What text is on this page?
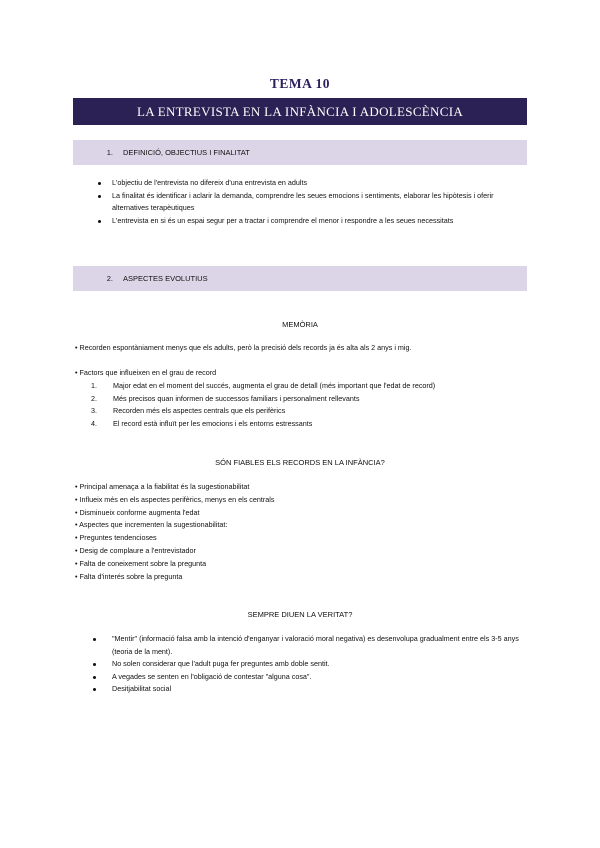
TEMA 10
LA ENTREVISTA EN LA INFÀNCIA I ADOLESCÈNCIA
1.	DEFINICIÓ, OBJECTIUS I FINALITAT
L'objectiu de l'entrevista no difereix d'una entrevista en adults
La finalitat és identificar i aclarir la demanda, comprendre les seues emocions i sentiments, elaborar les hipòtesis i oferir alternatives terapèutiques
L'entrevista en si és un espai segur per a tractar i comprendre el menor i respondre a les seues necessitats
2.	ASPECTES EVOLUTIUS
MEMÒRIA
• Recorden espontàniament menys que els adults, però la precisió dels records ja és alta als 2 anys i mig.
• Factors que influeixen en el grau de record
1. Major edat en el moment del succés, augmenta el grau de detall (més important que l'edat de record)
2. Més precisos quan informen de successos familiars i personalment rellevants
3. Recorden més els aspectes centrals que els perifèrics
4. El record està influït per les emocions i els entorns estressants
SÓN FIABLES ELS RECORDS EN LA INFÀNCIA?
• Principal amenaça a la fiabilitat és la sugestionabilitat
• Influeix més en els aspectes perifèrics, menys en els centrals
• Disminueix conforme augmenta l'edat
• Aspectes que incrementen la sugestionabilitat:
• Preguntes tendencioses
• Desig de complaure a l'entrevistador
• Falta de coneixement sobre la pregunta
• Falta d'interés sobre la pregunta
SEMPRE DIUEN LA VERITAT?
"Mentir" (informació falsa amb la intenció d'enganyar i valoració moral negativa) es desenvolupa gradualment entre els 3-5 anys (teoria de la ment).
No solen considerar que l'adult puga fer preguntes amb doble sentit.
A vegades se senten en l'obligació de contestar "alguna cosa".
Desitjabilitat social
